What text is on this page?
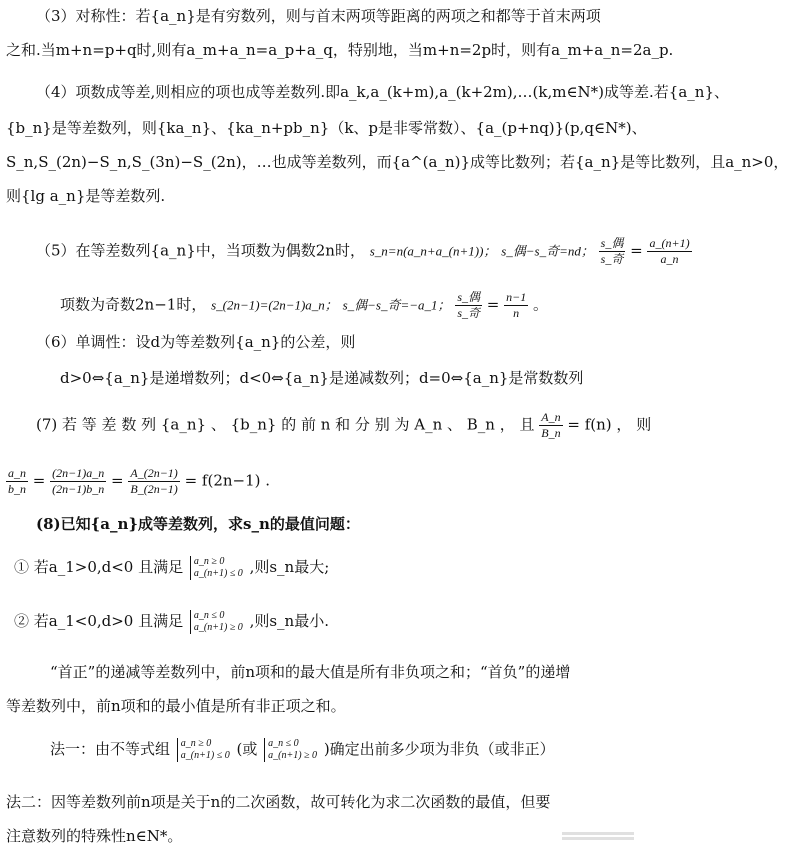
（3）对称性：若{a_n}是有穷数列，则与首末两项等距离的两项之和都等于首末两项
之和.当m+n=p+q时,则有a_m+a_n=a_p+a_q，特别地，当m+n=2p时，则有a_m+a_n=2a_p.
（4）项数成等差,则相应的项也成等差数列.即a_k,a_(k+m),a_(k+2m),…(k,m∈N*)成等差.若{a_n}、
{b_n}是等差数列，则{ka_n}、{ka_n+pb_n}（k、p是非零常数）、{a_(p+nq)}(p,q∈N*)、
S_n,S_(2n)−S_n,S_(3n)−S_(2n)，…也成等差数列，而{a^(a_n)}成等比数列；若{a_n}是等比数列，且a_n>0，
则{lg a_n}是等差数列.
（5）在等差数列{a_n}中，当项数为偶数2n时， s_n=n(a_n+a_(n+1))； s_偶−s_奇=nd； $\frac{\text{s\_偶}}{\text{s\_奇}} = \frac{a\_(n+1)}{a\_n}$
项数为奇数2n−1时， s_(2n−1)=(2n−1)a_n； s_偶−s_奇=−a_1； $\frac{\text{s\_偶}}{\text{s\_奇}} = \frac{n-1}{n}$ 。
（6）单调性：设d为等差数列{a_n}的公差，则
d>0⇔{a_n}是递增数列；d<0⇔{a_n}是递减数列；d=0⇔{a_n}是常数数列
(7) 若 等 差 数 列 {a_n} 、 {b_n} 的 前 n 和 分 别 为 A_n 、 B_n ， 且 $\frac{A\_n}{B\_n} = f(n)$ ， 则
$\frac{a\_n}{b\_n} = \frac{(2n-1)a\_n}{(2n-1)b\_n} = \frac{A\_(2n-1)}{B\_(2n-1)} = f(2n-1)$ .
(8)已知{a_n}成等差数列，求s_n的最值问题：
① 若a_1>0,d<0 且满足 a_n ≥ 0
a_(n+1) ≤ 0 ,则s_n最大;
② 若a_1<0,d>0 且满足 a_n ≤ 0
a_(n+1) ≥ 0 ,则s_n最小.
“首正”的递减等差数列中，前n项和的最大值是所有非负项之和；“首负”的递增
等差数列中，前n项和的最小值是所有非正项之和。
法一：由不等式组 a_n ≥ 0
a_(n+1) ≤ 0 (或 a_n ≤ 0
a_(n+1) ≥ 0 )确定出前多少项为非负（或非正）
法二：因等差数列前n项是关于n的二次函数，故可转化为求二次函数的最值，但要
注意数列的特殊性n∈N*。
